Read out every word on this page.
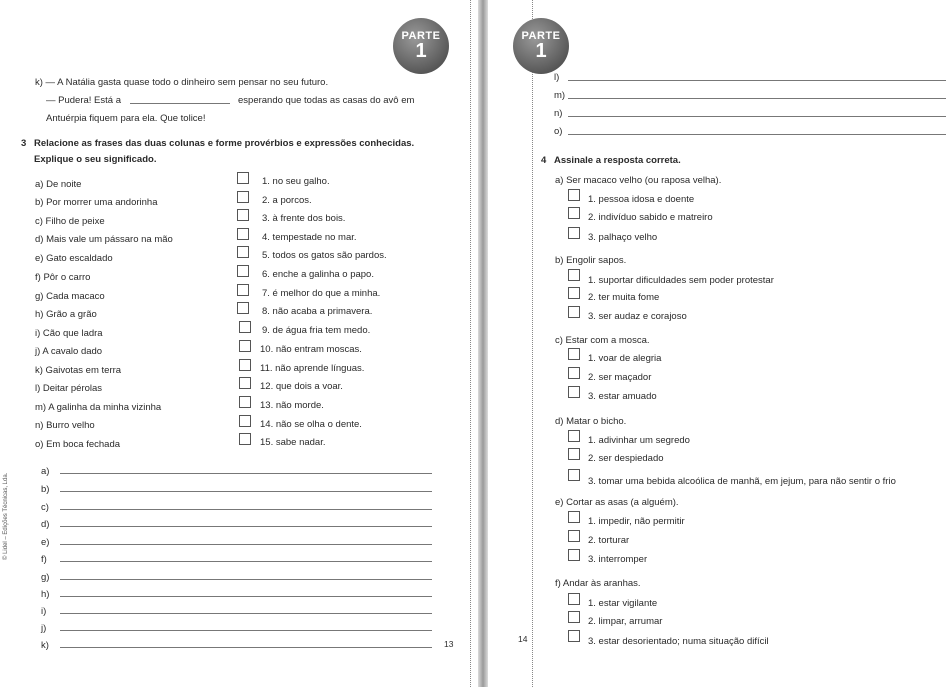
PARTE
1
k) — A Natália gasta quase todo o dinheiro sem pensar no seu futuro.
— Pudera! Está a	esperando que todas as casas do avô em
Antuérpia fiquem para ela. Que tolice!
3 Relacione as frases das duas colunas e forme provérbios e expressões conhecidas.
Explique o seu significado.
a) De noite
b) Por morrer uma andorinha
c) Filho de peixe
d) Mais vale um pássaro na mão
e) Gato escaldado
f) Pôr o carro
g) Cada macaco
h) Grão a grão
i) Cão que ladra
j) A cavalo dado
k) Gaivotas em terra
l) Deitar pérolas
m) A galinha da minha vizinha
n) Burro velho
o) Em boca fechada
1. no seu galho.
2. a porcos.
3. à frente dos bois.
4. tempestade no mar.
5. todos os gatos são pardos.
6. enche a galinha o papo.
7. é melhor do que a minha.
8. não acaba a primavera.
9. de água fria tem medo.
10. não entram moscas.
11. não aprende línguas.
12. que dois a voar.
13. não morde.
14. não se olha o dente.
15. sabe nadar.
a)
b)
c)
d)
e)
f)
g)
h)
i)
j)
k)	13
© Lidel – Edições Técnicas, Lda.
PARTE
1
l)
m)
n)
o)
4 Assinale a resposta correta.
a) Ser macaco velho (ou raposa velha).
1. pessoa idosa e doente
2. indivíduo sabido e matreiro
3. palhaço velho
b) Engolir sapos.
1. suportar dificuldades sem poder protestar
2. ter muita fome
3. ser audaz e corajoso
c) Estar com a mosca.
1. voar de alegria
2. ser maçador
3. estar amuado
d) Matar o bicho.
1. adivinhar um segredo
2. ser despiedado
3. tomar uma bebida alcoólica de manhã, em jejum, para não sentir o frio
e) Cortar as asas (a alguém).
1. impedir, não permitir
2. torturar
3. interromper
f) Andar às aranhas.
1. estar vigilante
2. limpar, arrumar
3. estar desorientado; numa situação difícil
14
